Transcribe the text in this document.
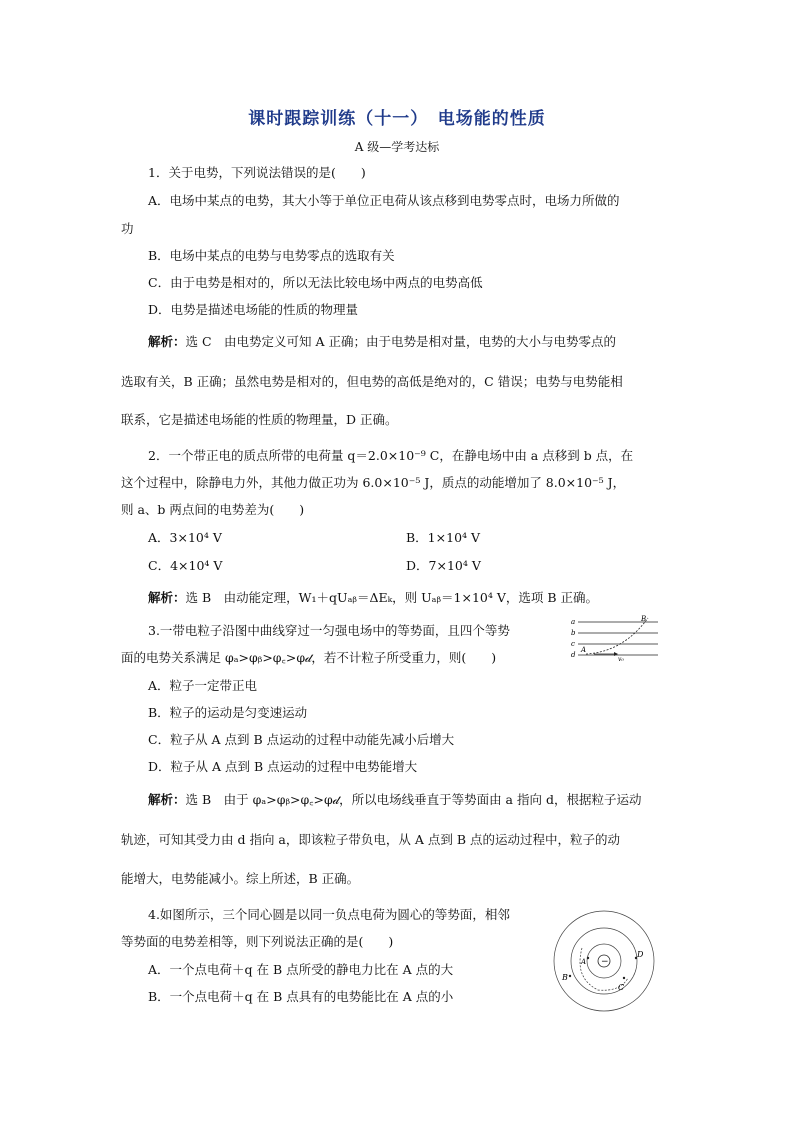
课时跟踪训练（十一）　电场能的性质
A 级—学考达标
1．关于电势，下列说法错误的是(　　)
A．电场中某点的电势，其大小等于单位正电荷从该点移到电势零点时，电场力所做的
功
B．电场中某点的电势与电势零点的选取有关
C．由于电势是相对的，所以无法比较电场中两点的电势高低
D．电势是描述电场能的性质的物理量
解析：选 C　由电势定义可知 A 正确；由于电势是相对量，电势的大小与电势零点的
选取有关，B 正确；虽然电势是相对的，但电势的高低是绝对的，C 错误；电势与电势能相
联系，它是描述电场能的性质的物理量，D 正确。
2．一个带正电的质点所带的电荷量 q＝2.0×10⁻⁹ C，在静电场中由 a 点移到 b 点，在
这个过程中，除静电力外，其他力做正功为 6.0×10⁻⁵ J，质点的动能增加了 8.0×10⁻⁵ J，
则 a、b 两点间的电势差为(　　)
A．3×10⁴ V	B．1×10⁴ V
C．4×10⁴ V	D．7×10⁴ V
解析：选 B　由动能定理，W₁＋qUₐᵦ＝ΔEₖ，则 Uₐᵦ＝1×10⁴ V，选项 B 正确。
3.一带电粒子沿图中曲线穿过一匀强电场中的等势面，且四个等势
面的电势关系满足 φₐ>φᵦ>φ꜀>φ𝒹，若不计粒子所受重力，则(　　)
A．粒子一定带正电
B．粒子的运动是匀变速运动
C．粒子从 A 点到 B 点运动的过程中动能先减小后增大
D．粒子从 A 点到 B 点运动的过程中电势能增大
解析：选 B　由于 φₐ>φᵦ>φ꜀>φ𝒹，所以电场线垂直于等势面由 a 指向 d，根据粒子运动
轨迹，可知其受力由 d 指向 a，即该粒子带负电，从 A 点到 B 点的运动过程中，粒子的动
能增大，电势能减小。综上所述，B 正确。
a
b
c
d
A
B
v₀
4.如图所示，三个同心圆是以同一负点电荷为圆心的等势面，相邻
等势面的电势差相等，则下列说法正确的是(　　)
A．一个点电荷＋q 在 B 点所受的静电力比在 A 点的大
B．一个点电荷＋q 在 B 点具有的电势能比在 A 点的小
−
A
B
C
D
